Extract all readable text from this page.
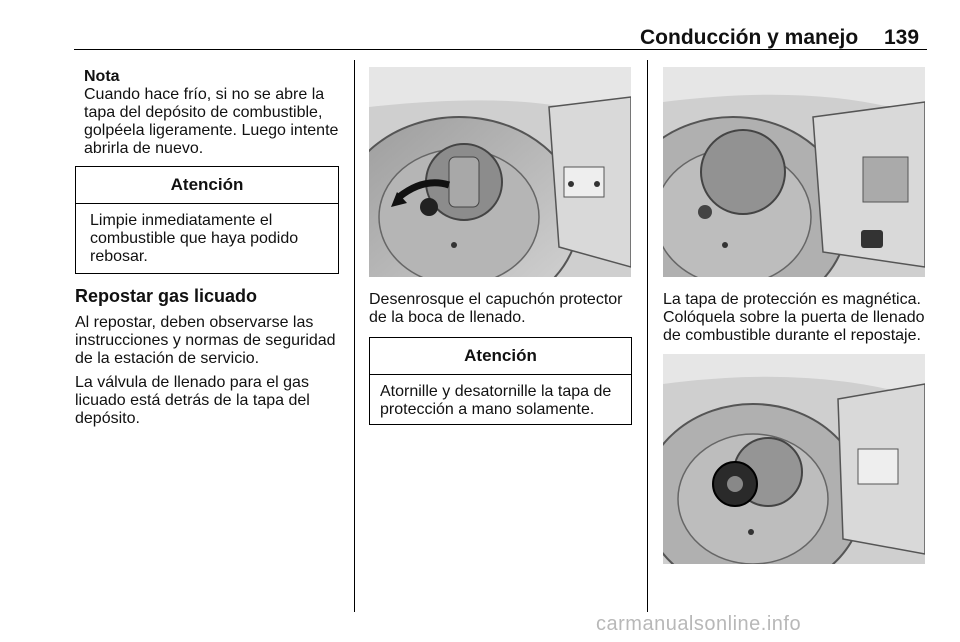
Conducción y manejo 139
Nota
Cuando hace frío, si no se abre la
tapa del depósito de combustible,
golpéela ligeramente. Luego intente
abrirla de nuevo.
Atención
Limpie inmediatamente el
combustible que haya podido
rebosar.
Repostar gas licuado
Al repostar, deben observarse las
instrucciones y normas de seguridad
de la estación de servicio.
La válvula de llenado para el gas
licuado está detrás de la tapa del
depósito.
Desenrosque el capuchón protector
de la boca de llenado.
Atención
Atornille y desatornille la tapa de
protección a mano solamente.
La tapa de protección es magnética.
Colóquela sobre la puerta de llenado
de combustible durante el repostaje.
carmanualsonline.info
